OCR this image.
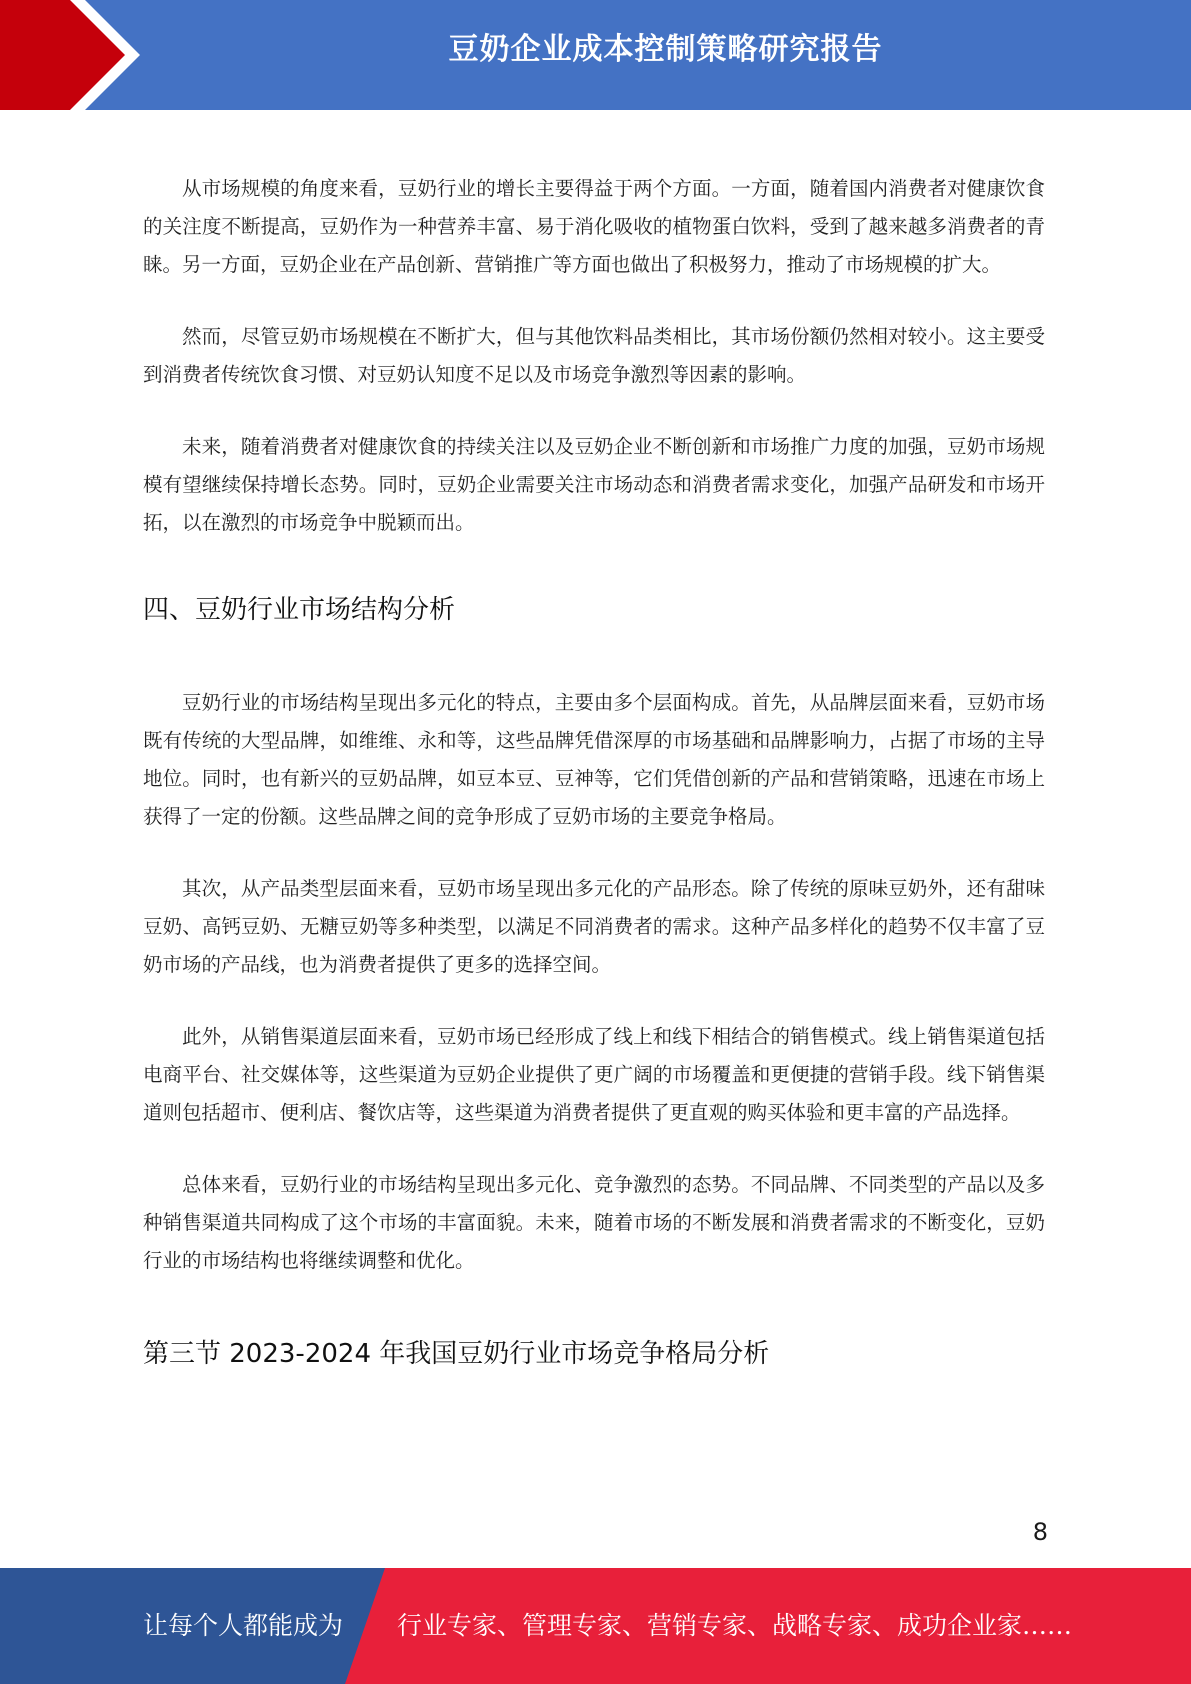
豆奶企业成本控制策略研究报告

从市场规模的角度来看，豆奶行业的增长主要得益于两个方面。一方面，随着国内消费者对健康饮食的关注度不断提高，豆奶作为一种营养丰富、易于消化吸收的植物蛋白饮料，受到了越来越多消费者的青睐。另一方面，豆奶企业在产品创新、营销推广等方面也做出了积极努力，推动了市场规模的扩大。

然而，尽管豆奶市场规模在不断扩大，但与其他饮料品类相比，其市场份额仍然相对较小。这主要受到消费者传统饮食习惯、对豆奶认知度不足以及市场竞争激烈等因素的影响。

未来，随着消费者对健康饮食的持续关注以及豆奶企业不断创新和市场推广力度的加强，豆奶市场规模有望继续保持增长态势。同时，豆奶企业需要关注市场动态和消费者需求变化，加强产品研发和市场开拓，以在激烈的市场竞争中脱颖而出。

四、豆奶行业市场结构分析

豆奶行业的市场结构呈现出多元化的特点，主要由多个层面构成。首先，从品牌层面来看，豆奶市场既有传统的大型品牌，如维维、永和等，这些品牌凭借深厚的市场基础和品牌影响力，占据了市场的主导地位。同时，也有新兴的豆奶品牌，如豆本豆、豆神等，它们凭借创新的产品和营销策略，迅速在市场上获得了一定的份额。这些品牌之间的竞争形成了豆奶市场的主要竞争格局。

其次，从产品类型层面来看，豆奶市场呈现出多元化的产品形态。除了传统的原味豆奶外，还有甜味豆奶、高钙豆奶、无糖豆奶等多种类型，以满足不同消费者的需求。这种产品多样化的趋势不仅丰富了豆奶市场的产品线，也为消费者提供了更多的选择空间。

此外，从销售渠道层面来看，豆奶市场已经形成了线上和线下相结合的销售模式。线上销售渠道包括电商平台、社交媒体等，这些渠道为豆奶企业提供了更广阔的市场覆盖和更便捷的营销手段。线下销售渠道则包括超市、便利店、餐饮店等，这些渠道为消费者提供了更直观的购买体验和更丰富的产品选择。

总体来看，豆奶行业的市场结构呈现出多元化、竞争激烈的态势。不同品牌、不同类型的产品以及多种销售渠道共同构成了这个市场的丰富面貌。未来，随着市场的不断发展和消费者需求的不断变化，豆奶行业的市场结构也将继续调整和优化。

第三节 2023-2024 年我国豆奶行业市场竞争格局分析
8
让每个人都能成为 行业专家、管理专家、营销专家、战略专家、成功企业家……
